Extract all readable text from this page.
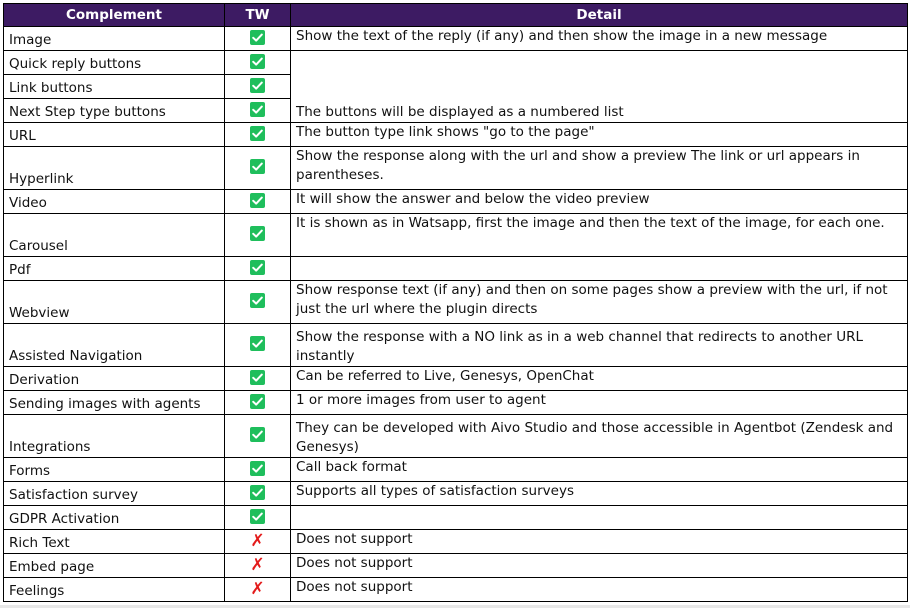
Complement	TW	Detail
Image		Show the text of the reply (if any) and then show the image in a new message
Quick reply buttons		The buttons will be displayed as a numbered list
Link buttons	

Next Step type buttons	

URL		The button type link shows "go to the page"
Hyperlink		Show the response along with the url and show a preview The link or url appears in parentheses.
Video		It will show the answer and below the video preview
Carousel		It is shown as in Watsapp, first the image and then the text of the image, for each one.
Pdf	

Webview		Show response text (if any) and then on some pages show a preview with the url, if not just the url where the plugin directs
Assisted Navigation		Show the response with a NO link as in a web channel that redirects to another URL instantly
Derivation		Can be referred to Live, Genesys, OpenChat
Sending images with agents		1 or more images from user to agent
Integrations		They can be developed with Aivo Studio and those accessible in Agentbot (Zendesk and Genesys)
Forms		Call back format
Satisfaction survey		Supports all types of satisfaction surveys
GDPR Activation	

Rich Text	✗	Does not support
Embed page	✗	Does not support
Feelings	✗	Does not support
